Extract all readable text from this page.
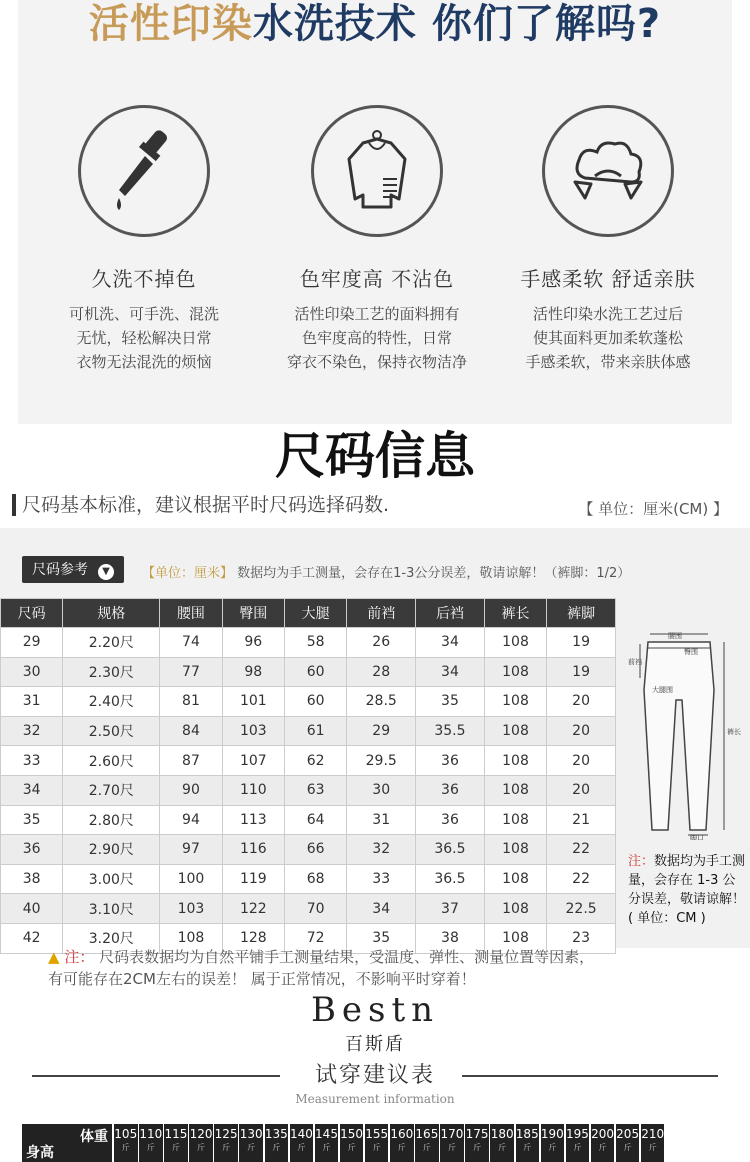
活性印染水洗技术 你们了解吗?
久洗不掉色
可机洗、可手洗、混洗
无忧，轻松解决日常
衣物无法混洗的烦恼
色牢度高 不沾色
活性印染工艺的面料拥有
色牢度高的特性，日常
穿衣不染色，保持衣物洁净
手感柔软 舒适亲肤
活性印染水洗工艺过后
使其面料更加柔软蓬松
手感柔软，带来亲肤体感
尺码信息
尺码基本标准，建议根据平时尺码选择码数.	【 单位：厘米(CM) 】
尺码参考 ▼	【单位：厘米】 数据均为手工测量，会存在1-3公分误差，敬请谅解！（裤脚：1/2）
尺码	规格	腰围	臀围	大腿	前裆	后裆	裤长	裤脚
29	2.20尺	74	96	58	26	34	108	19
30	2.30尺	77	98	60	28	34	108	19
31	2.40尺	81	101	60	28.5	35	108	20
32	2.50尺	84	103	61	29	35.5	108	20
33	2.60尺	87	107	62	29.5	36	108	20
34	2.70尺	90	110	63	30	36	108	20
35	2.80尺	94	113	64	31	36	108	21
36	2.90尺	97	116	66	32	36.5	108	22
38	3.00尺	100	119	68	33	36.5	108	22
40	3.10尺	103	122	70	34	37	108	22.5
42	3.20尺	108	128	72	35	38	108	23
腰围
前裆
臀围
大腿围
裤长
脚口
注：数据均为手工测量，会存在 1-3 公分误差，敬请谅解！( 单位：CM )
▲ 注： 尺码表数据均为自然平铺手工测量结果，受温度、弹性、测量位置等因素，
有可能存在2CM左右的误差！ 属于正常情况，不影响平时穿着！
Bestn
百斯盾
试穿建议表
Measurement information
体重
身高
105
斤
110
斤
115
斤
120
斤
125
斤
130
斤
135
斤
140
斤
145
斤
150
斤
155
斤
160
斤
165
斤
170
斤
175
斤
180
斤
185
斤
190
斤
195
斤
200
斤
205
斤
210
斤
